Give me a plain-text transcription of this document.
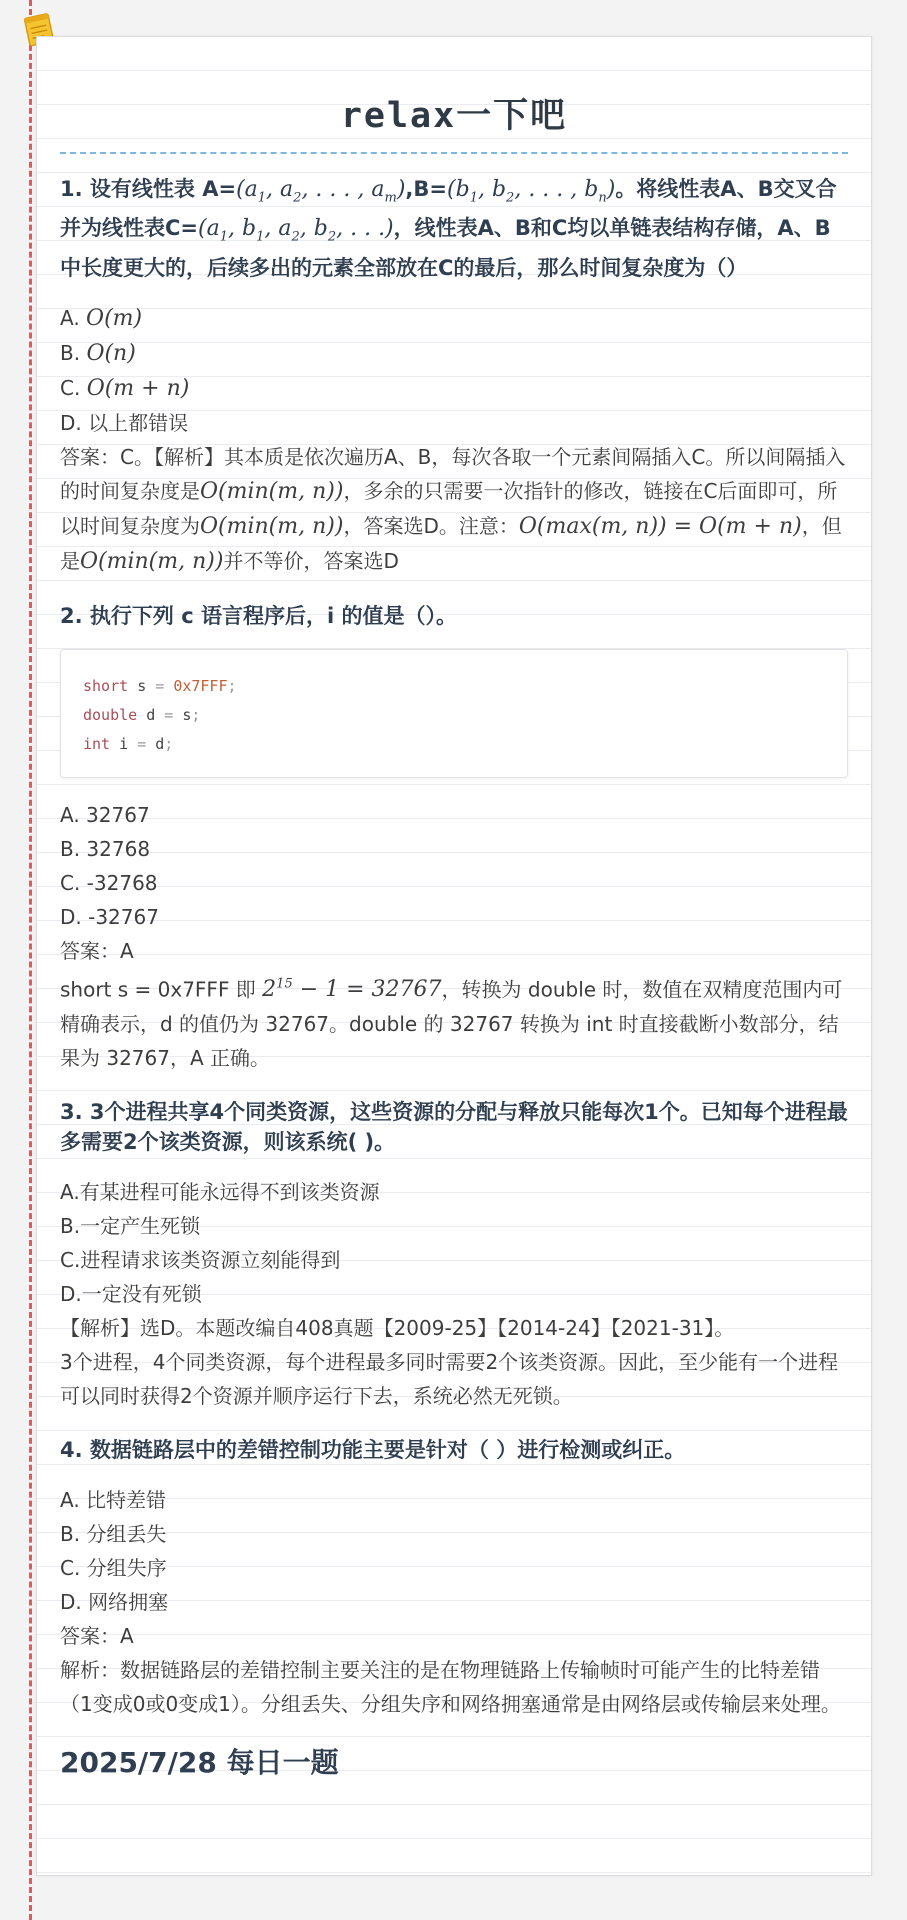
relax一下吧
1. 设有线性表 $A=(a_1$, $a_2$, . . . , $a_m),B=(b_1$, $b_2$, . . . , $b_n$)。将线性表A、B交叉合并为线性表$C=(a_1$, $b_1$, $a_2$, $b_2$, . . .)，线性表A、B和C均以单链表结构存储，A、B中长度更大的，后续多出的元素全部放在C的最后，那么时间复杂度为（）
A. O(m)
B. O(n)
C. O(m + n)
D. 以上都错误
答案：C。【解析】其本质是依次遍历A、B，每次各取一个元素间隔插入C。所以间隔插入的时间复杂度是O(min(m, n))，多余的只需要一次指针的修改，链接在C后面即可，所以时间复杂度为O(min(m, n))，答案选D。注意：O(max(m, n)) = O(m + n)，但是O(min(m, n))并不等价，答案选D
2. 执行下列 c 语言程序后，i 的值是（）。
short s = 0x7FFF;
double d = s;
int i = d;
A. 32767
B. 32768
C. -32768
D. -32767
答案：A
short s = 0x7FFF 即 $2^{15} - 1 = 32767$，转换为 double 时，数值在双精度范围内可精确表示，d 的值仍为 32767。double 的 32767 转换为 int 时直接截断小数部分，结果为 32767，A 正确。
3. 3个进程共享4个同类资源，这些资源的分配与释放只能每次1个。已知每个进程最多需要2个该类资源，则该系统( )。
A.有某进程可能永远得不到该类资源
B.一定产生死锁
C.进程请求该类资源立刻能得到
D.一定没有死锁
【解析】选D。本题改编自408真题【2009-25】【2014-24】【2021-31】。
3个进程，4个同类资源，每个进程最多同时需要2个该类资源。因此，至少能有一个进程可以同时获得2个资源并顺序运行下去，系统必然无死锁。
4. 数据链路层中的差错控制功能主要是针对（ ）进行检测或纠正。
A. 比特差错
B. 分组丢失
C. 分组失序
D. 网络拥塞
答案：A
解析：数据链路层的差错控制主要关注的是在物理链路上传输帧时可能产生的比特差错（1变成0或0变成1）。分组丢失、分组失序和网络拥塞通常是由网络层或传输层来处理。
2025/7/28 每日一题
